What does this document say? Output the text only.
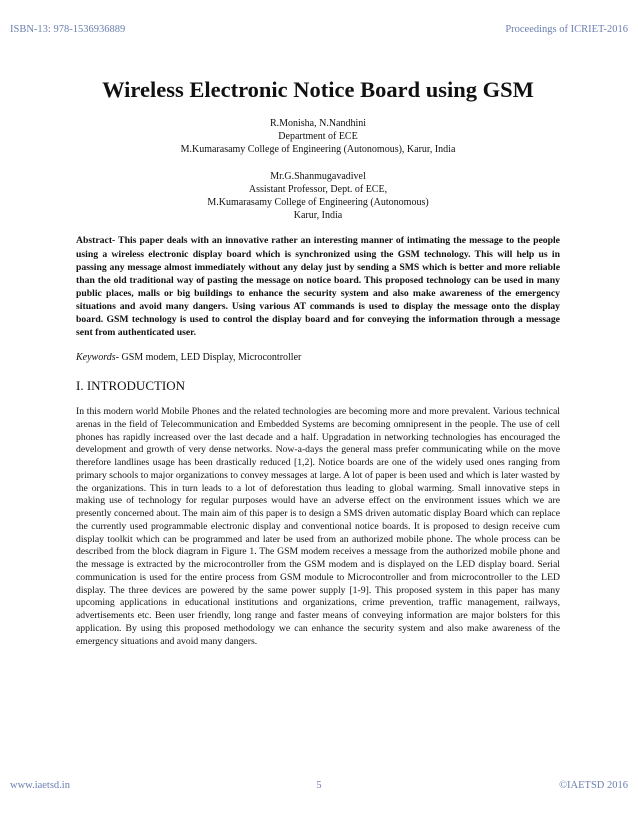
ISBN-13: 978-1536936889	Proceedings of ICRIET-2016
Wireless Electronic Notice Board using GSM

R.Monisha, N.Nandhini

Department of ECE

M.Kumarasamy College of Engineering (Autonomous), Karur, India

Mr.G.Shanmugavadivel

Assistant Professor, Dept. of ECE,

M.Kumarasamy College of Engineering (Autonomous)

Karur, India

Abstract- This paper deals with an innovative rather an interesting manner of intimating the message to the people using a wireless electronic display board which is synchronized using the GSM technology. This will help us in passing any message almost immediately without any delay just by sending a SMS which is better and more reliable than the old traditional way of pasting the message on notice board. This proposed technology can be used in many public places, malls or big buildings to enhance the security system and also make awareness of the emergency situations and avoid many dangers. Using various AT commands is used to display the message onto the display board. GSM technology is used to control the display board and for conveying the information through a message sent from authenticated user.

Keywords- GSM modem, LED Display, Microcontroller

I. INTRODUCTION

In this modern world Mobile Phones and the related technologies are becoming more and more prevalent. Various technical arenas in the field of Telecommunication and Embedded Systems are becoming omnipresent in the people. The use of cell phones has rapidly increased over the last decade and a half. Upgradation in networking technologies has encouraged the development and growth of very dense networks. Now-a-days the general mass prefer communicating while on the move therefore landlines usage has been drastically reduced [1,2]. Notice boards are one of the widely used ones ranging from primary schools to major organizations to convey messages at large. A lot of paper is been used and which is later wasted by the organizations. This in turn leads to a lot of deforestation thus leading to global warming. Small innovative steps in making use of technology for regular purposes would have an adverse effect on the environment issues which we are presently concerned about. The main aim of this paper is to design a SMS driven automatic display Board which can replace the currently used programmable electronic display and conventional notice boards. It is proposed to design receive cum display toolkit which can be programmed and later be used from an authorized mobile phone. The whole process can be described from the block diagram in Figure 1. The GSM modem receives a message from the authorized mobile phone and the message is extracted by the microcontroller from the GSM modem and is displayed on the LED display board. Serial communication is used for the entire process from GSM module to Microcontroller and from microcontroller to the LED display. The three devices are powered by the same power supply [1-9]. This proposed system in this paper has many upcoming applications in educational institutions and organizations, crime prevention, traffic management, railways, advertisements etc. Been user friendly, long range and faster means of conveying information are major bolsters for this application. By using this proposed methodology we can enhance the security system and also make awareness of the emergency situations and avoid many dangers.

www.iaetsd.in	5	©IAETSD 2016
